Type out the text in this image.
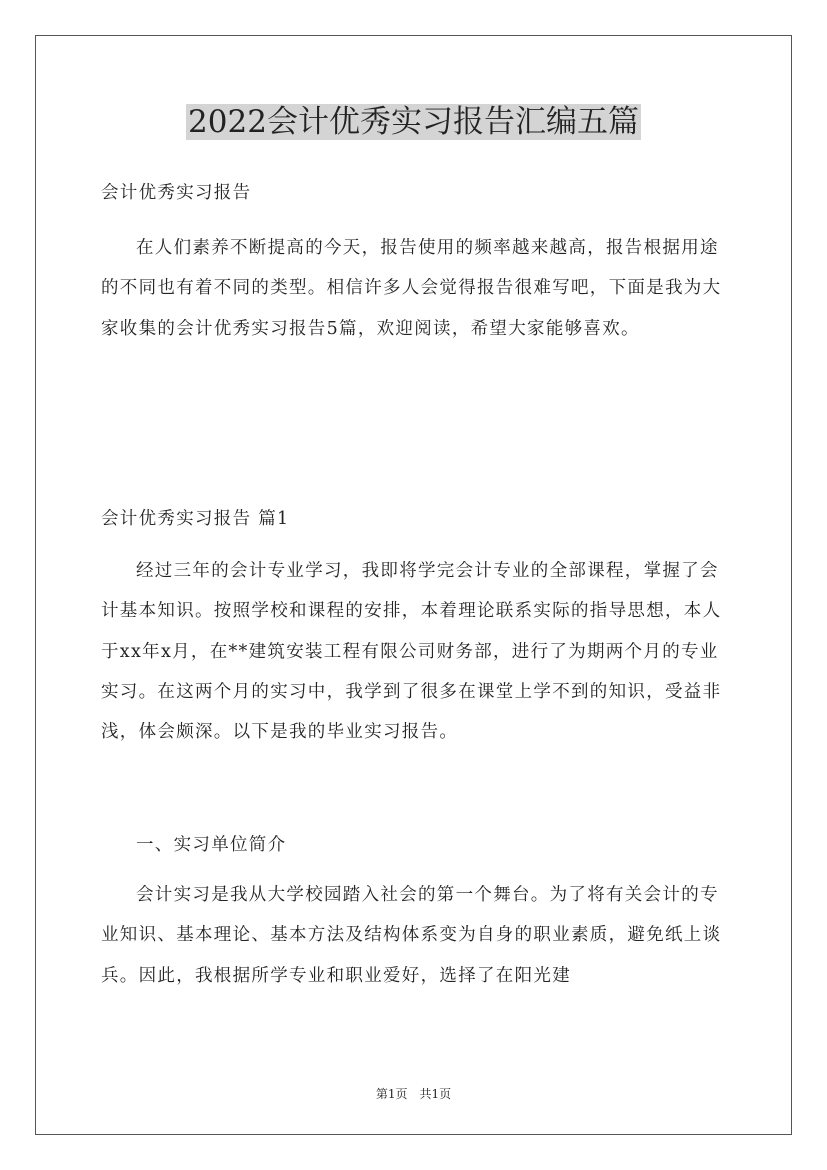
2022会计优秀实习报告汇编五篇

会计优秀实习报告

在人们素养不断提高的今天，报告使用的频率越来越高，报告根据用途的不同也有着不同的类型。相信许多人会觉得报告很难写吧，下面是我为大家收集的会计优秀实习报告5篇，欢迎阅读，希望大家能够喜欢。

会计优秀实习报告 篇1

经过三年的会计专业学习，我即将学完会计专业的全部课程，掌握了会计基本知识。按照学校和课程的安排，本着理论联系实际的指导思想，本人于xx年x月，在**建筑安装工程有限公司财务部，进行了为期两个月的专业实习。在这两个月的实习中，我学到了很多在课堂上学不到的知识，受益非浅，体会颇深。以下是我的毕业实习报告。

一、实习单位简介

会计实习是我从大学校园踏入社会的第一个舞台。为了将有关会计的专业知识、基本理论、基本方法及结构体系变为自身的职业素质，避免纸上谈兵。因此，我根据所学专业和职业爱好，选择了在阳光建

第1页　共1页
